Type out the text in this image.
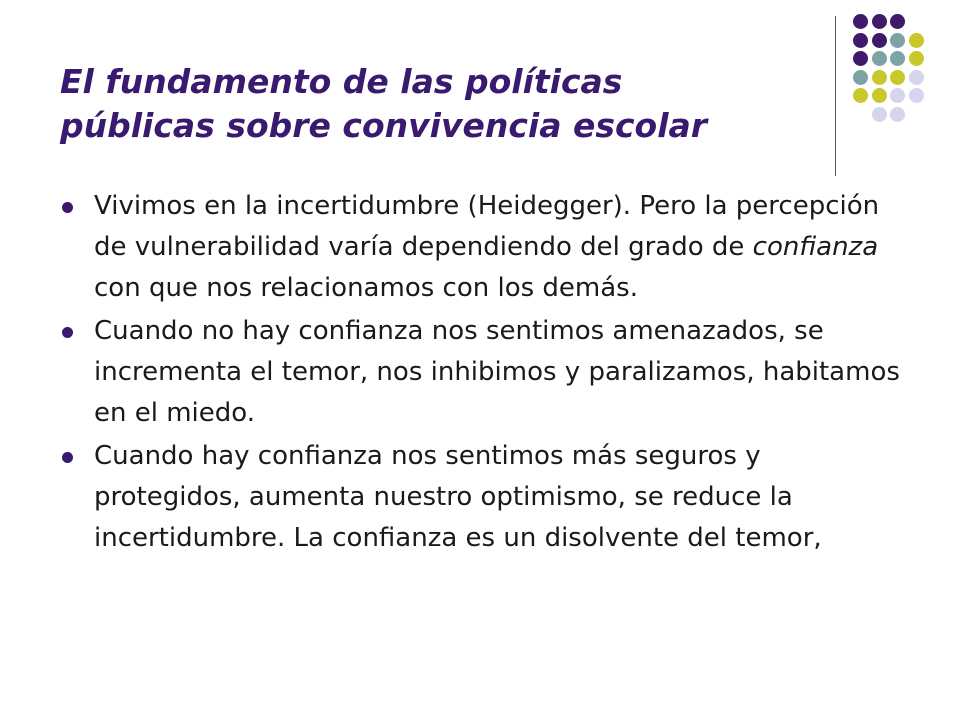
El fundamento de las políticas
públicas sobre convivencia escolar
Vivimos en la incertidumbre (Heidegger). Pero la percepción de vulnerabilidad varía dependiendo del grado de confianza con que nos relacionamos con los demás.
Cuando no hay confianza nos sentimos amenazados, se incrementa el temor, nos inhibimos y paralizamos, habitamos en el miedo.
Cuando hay confianza nos sentimos más seguros y protegidos, aumenta nuestro optimismo, se reduce la incertidumbre. La confianza es un disolvente del temor,
